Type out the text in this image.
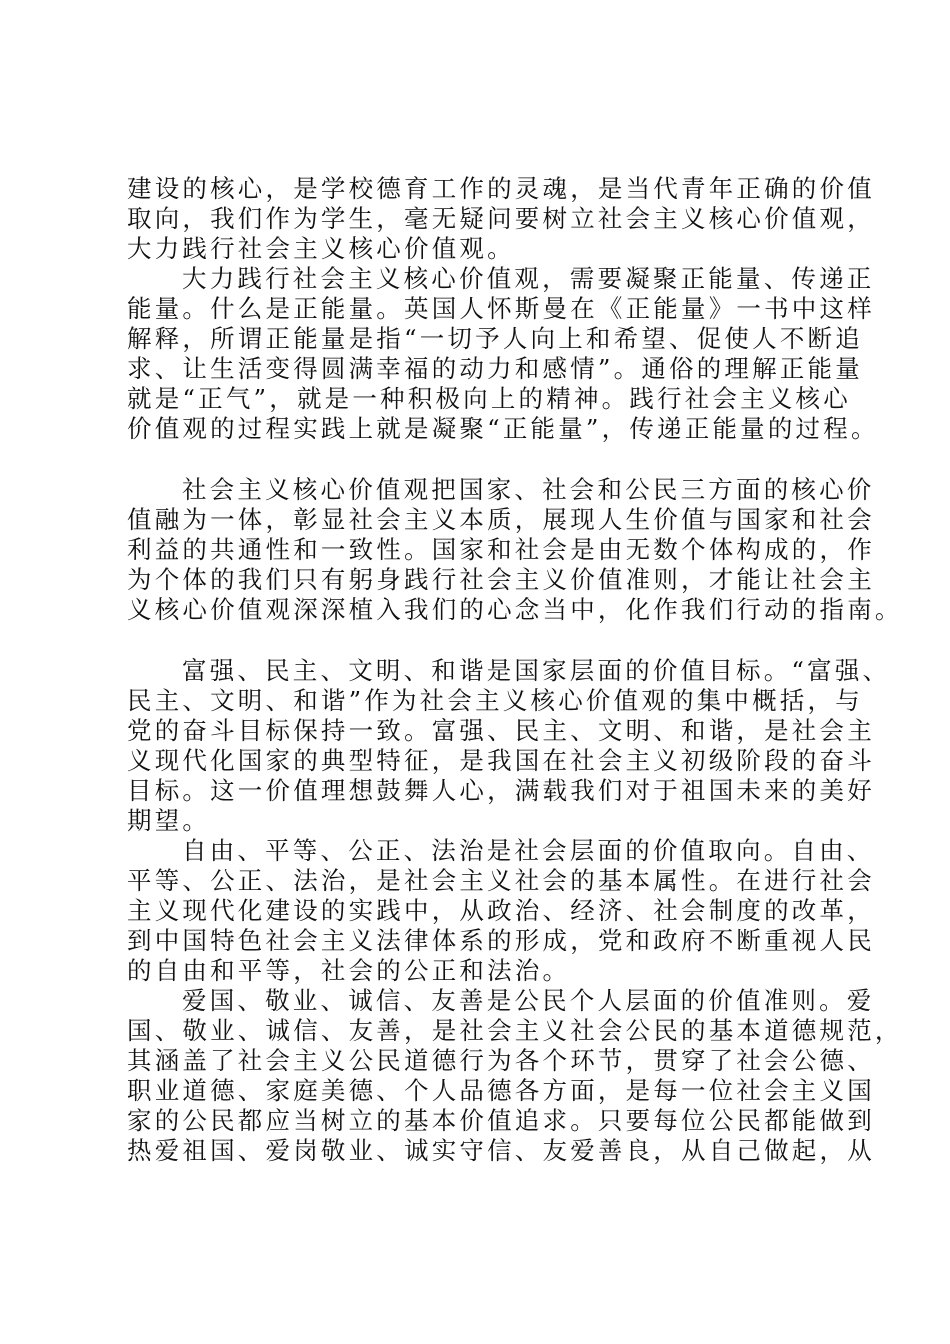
建设的核心，是学校德育工作的灵魂，是当代青年正确的价值
取向，我们作为学生，毫无疑问要树立社会主义核心价值观，
大力践行社会主义核心价值观。
大力践行社会主义核心价值观，需要凝聚正能量、传递正
能量。什么是正能量。英国人怀斯曼在《正能量》一书中这样
解释，所谓正能量是指“一切予人向上和希望、促使人不断追
求、让生活变得圆满幸福的动力和感情”。通俗的理解正能量
就是“正气”，就是一种积极向上的精神。践行社会主义核心
价值观的过程实践上就是凝聚“正能量”，传递正能量的过程。
社会主义核心价值观把国家、社会和公民三方面的核心价
值融为一体，彰显社会主义本质，展现人生价值与国家和社会
利益的共通性和一致性。国家和社会是由无数个体构成的，作
为个体的我们只有躬身践行社会主义价值准则，才能让社会主
义核心价值观深深植入我们的心念当中，化作我们行动的指南。
富强、民主、文明、和谐是国家层面的价值目标。“富强、
民主、文明、和谐”作为社会主义核心价值观的集中概括，与
党的奋斗目标保持一致。富强、民主、文明、和谐，是社会主
义现代化国家的典型特征，是我国在社会主义初级阶段的奋斗
目标。这一价值理想鼓舞人心，满载我们对于祖国未来的美好
期望。
自由、平等、公正、法治是社会层面的价值取向。自由、
平等、公正、法治，是社会主义社会的基本属性。在进行社会
主义现代化建设的实践中，从政治、经济、社会制度的改革，
到中国特色社会主义法律体系的形成，党和政府不断重视人民
的自由和平等，社会的公正和法治。
爱国、敬业、诚信、友善是公民个人层面的价值准则。爱
国、敬业、诚信、友善，是社会主义社会公民的基本道德规范，
其涵盖了社会主义公民道德行为各个环节，贯穿了社会公德、
职业道德、家庭美德、个人品德各方面，是每一位社会主义国
家的公民都应当树立的基本价值追求。只要每位公民都能做到
热爱祖国、爱岗敬业、诚实守信、友爱善良，从自己做起，从
